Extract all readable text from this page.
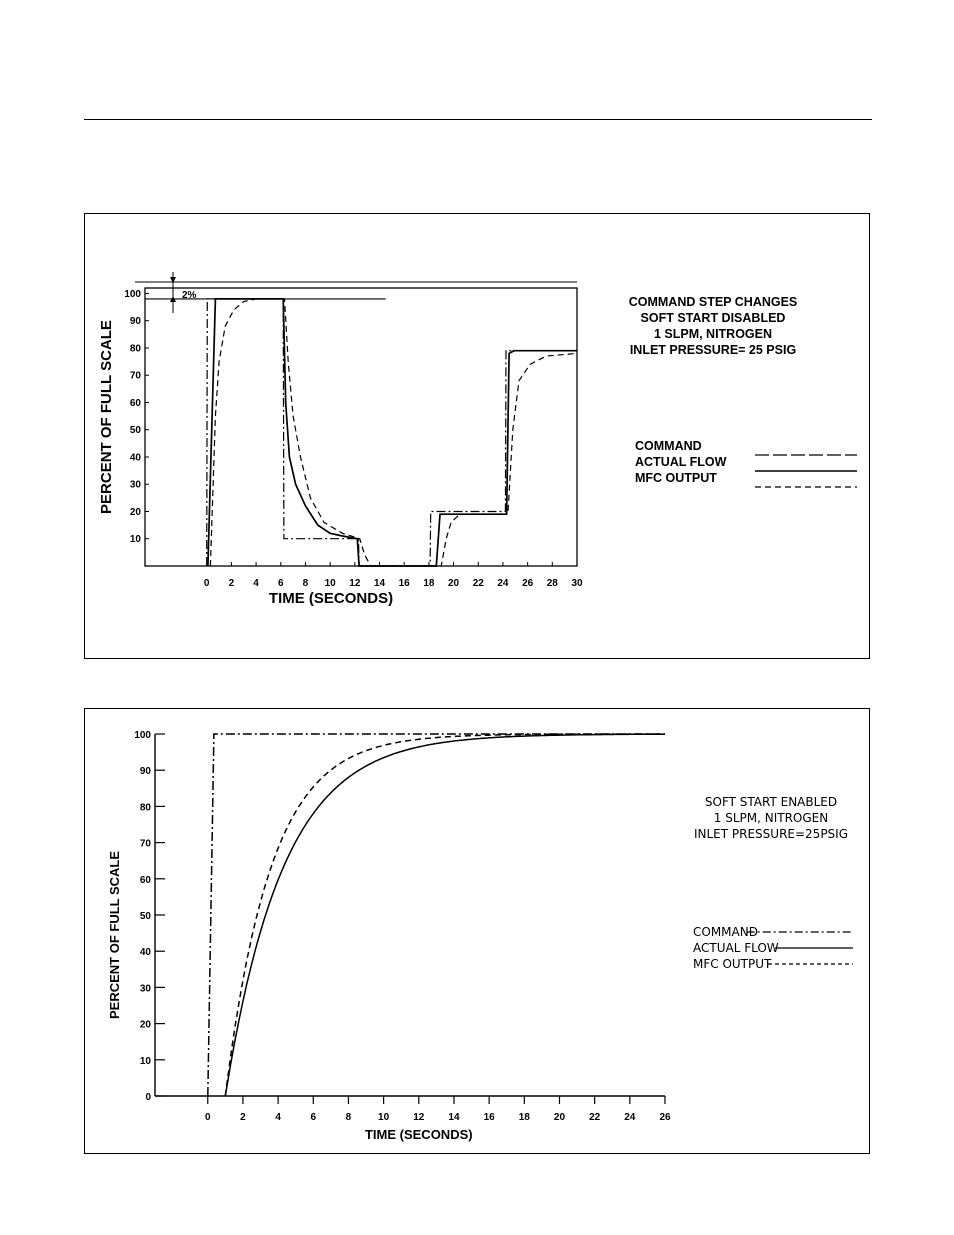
10
20
30
40
50
60
70
80
90
100
0 2 4 6 8 10 12 14 16 18 20 22 24 26 28 30
TIME (SECONDS)
PERCENT OF FULL SCALE
2%	COMMAND STEP CHANGES
SOFT START DISABLED
1 SLPM, NITROGEN
INLET PRESSURE= 25 PSIG
COMMAND
ACTUAL FLOW
MFC OUTPUT
0
10
20
30
40
50
60
70
80
90
100
0	2	4	6	8	10 12 14 16 18 20 22 24 26
TIME (SECONDS)
PERCENT OF FULL SCALE
SOFT START ENABLED
1 SLPM, NITROGEN
INLET PRESSURE=25PSIG
COMMAND
ACTUAL FLOW
MFC OUTPUT
